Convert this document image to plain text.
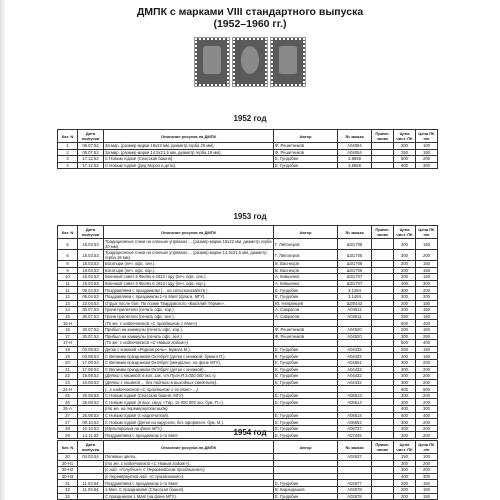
ДМПК с марками VIII стандартного выпуска
(1952–1960 гг.)
1952 год
Кат. N	Дата выпуска	Описание рисунка на ДМПК	Автор	№ заказа	Приме-чание	Цена чист. ПК	Цена ПК п/п
1	08.07.52	За мир. (размер марки 19х22 мм, диаметр герба 20 мм).	Ф. Решетников	А04054		200	100
2	08.07.52	За мир. (размер марки 14,5х21,5 мм, диаметр герба 19 мм).	Ф. Решетников	А04054		250	150
3	17.12.52	С Новым годом! (Спасская башня).	Е. Гундобин	3.8658		500	200
4	17.12.52	С Новым годом! (Дед Мороз и дети).	Е. Гундобин	3.8658		600	300
1953 год
Кат. N	Дата выпуска	Описание рисунка на ДМПК	Автор	№ заказа	Приме-чание	Цена чист. ПК	Цена ПК п/п
5	18.03.53	Традиционные гонки на оленьих упряжках ... (размер марки 15х22 мм, диаметр герба 20 мм).	Г. Липскеров	Ш01705		200	150
6	18.03.53	Традиционные гонки на оленьих упряжках ... (размер марки 14,5х21,5 мм, диаметр герба 19 мм).	Г. Липскеров	Ш01705		300	200
8	18.03.53	Богатыри (печ. офс. син.).	В. Васнецов	Ш01706		200	150
9	18.03.53	Богатыри (печ. офс. кор.).	В. Васнецов	Ш01706		200	150
10	18.03.53	Военный совет в Филях в 1812 году (печ. офс. син.).	А. Кившенко	Ш01707		200	150
11	18.03.53	Военный совет в Филях в 1812 году (печ. офс. кор.).	А. Кившенко	Ш01707		400	300
11	06.04.53	Поздравляем с праздником! (... на сельскохозяйств.).	Е. Гундобин	3.1484		300	200
12	06.04.53	Поздравляем с праздником 1-го Мая! (флаги, МГУ).	Е. Гундобин	3.1484		300	200
13	22.04.53	Отдых после боя. По поэме Твардовского «Василий Тёркин».	Ю. Непринцев	Ш00443		200	150
14	30.07.53	Грачи прилетели (печать офс. кор.).	А. Саврасов	А04511		200	150
15	30.07.53	Грачи прилетели (печать офс. зел.).	А. Саврасов	А04511		250	150
15-Н		(То же, с надпечаткой «С праздником 1 Мая!»)				500	400
16	30.07.53	Прибыл на каникулы (печать офс. кор.).	Ф. Решетников	А04520		200	150
17	30.07.53	Прибыл на каникулы (печать офс. зел.).	Ф. Решетников	А04520		300	250
17-Н		(То же, с надпечаткой «С Новым годом!»)				500	400
18	03.08.53	Детки с книжкой «Родная речь». Бумага М.).	Е. Гундобин	А04432		200	150
19	03.08.53	С Великим праздником Октября! (детки с книжкой, бумага П.).	Е. Гундобин	А04432		200	150
20	17.08.53	С Великим праздником Октября! (миндальн. на фоне МГУ).	Е. Гундобин	А04551		300	200
21	17.08.53	С Великим праздником Октября! (детки с книжкой).	Е. Гундобин	А04432		300	200
22	16.08.53	(Детки с книжкой; в кол. зак. «т.Пуля Я 3.000.000 экз.»).	Е. Гундобин	А04432		300	200
23	16.08.53	(Детки с книжкой ... без подписи в выходных сведениях).	Е. Гундобин	А04432		300	200
24-Н		(...с надпечаткой «С праздником 1-го Мая!» ...).				600	500
25	25.08.53	С Новым годом! (Спасская башня, МГУ).	Е. Гундобин	А05613		300	200
26	25.08.53	С Новым годом! (в вых. свед. «Тир. 15 000 000 экз. бум. П.»).	Е. Гундобин	А05614		300	200
26-А		(то же, на перевернутом виде).				400	300
27	25.08.53	С Новым годом! (с надпечаткой).	Е. Гундобин	А05614		600	400
27	09.10.53	С Новым годом! (Детки на карусели, без оформлен. бум. М.).	Е. Гундобин	А06552		300	200
28	10.10.53	(Мультфильм на фоне МГУ).	Е. Гундобин	А06737		300	200
29	14.11.53	Поздравляем с праздником 1-го Мая!	Е. Гундобин	А07445		300	200
1954 год
Кат. N	Дата выпуска	Описание рисунка на ДМПК	Автор	№ заказа	Приме-чание	Цена чист. ПК	Цена ПК п/п
30	04.03.54	Полевые цветы.		А02637		150	100
30-Н1		(то же, с надпечаткой «С Новым годом!»).				300	200
30-Н2		(с над. «Голубчик!» с Первомайским праздником!»).				300	200
30-Н3		(с перевёрнутой над. «С праздником!»).				400	300
31	11.03.54	Поздравляем с праздником 1-го Мая!	Е. Гундобин	А02677		200	150
32	11.03.54	1 Мая. С праздником! (Спасская башня).	В. Карандашов	А02678		200	150
32		С праздником 1 Мая! (на фоне МГУ).	Е. Гундобин	А02678		200	150
